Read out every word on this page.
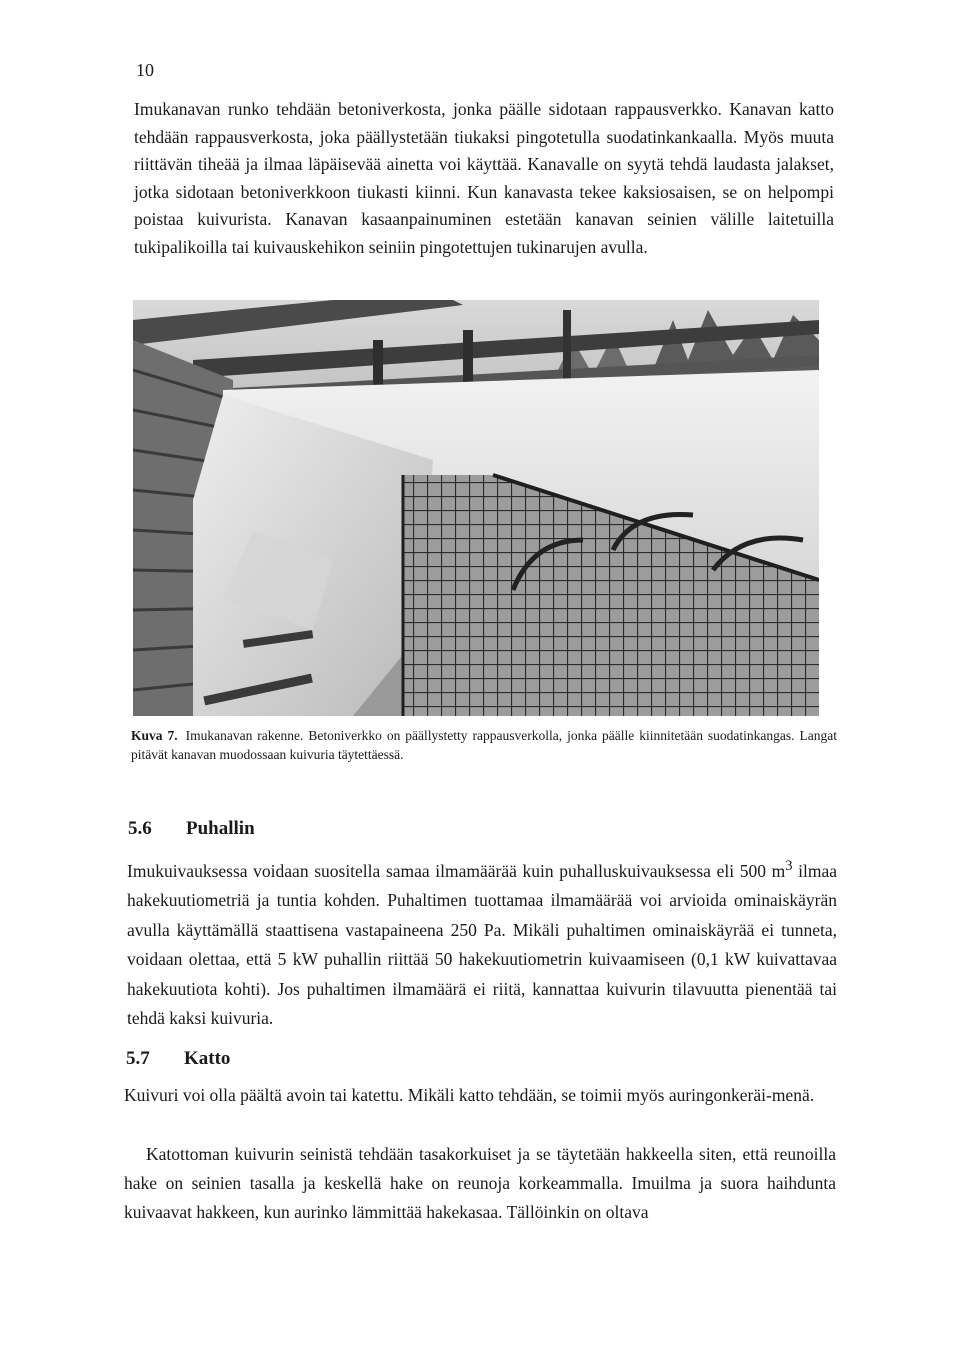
10

Imukanavan runko tehdään betoniverkosta, jonka päälle sidotaan rappausverkko. Kanavan katto tehdään rappausverkosta, joka päällystetään tiukaksi pingotetulla suodatinkankaalla. Myös muuta riittävän tiheää ja ilmaa läpäisevää ainetta voi käyttää. Kanavalle on syytä tehdä laudasta jalakset, jotka sidotaan betoniverkkoon tiukasti kiinni. Kun kanavasta tekee kaksiosaisen, se on helpompi poistaa kuivurista. Kanavan kasaanpainuminen estetään kanavan seinien välille laitetuilla tukipalikoilla tai kuivauskehikon seiniin pingotettujen tukinarujen avulla.

Kuva 7. Imukanavan rakenne. Betoniverkko on päällystetty rappausverkolla, jonka päälle kiinnitetään suodatinkangas. Langat pitävät kanavan muodossaan kuivuria täytettäessä.

5.6 Puhallin

Imukuivauksessa voidaan suositella samaa ilmamäärää kuin puhalluskuivauksessa eli 500 $m^3$ ilmaa hakekuutiometriä ja tuntia kohden. Puhaltimen tuottamaa ilmamäärää voi arvioida ominaiskäyrän avulla käyttämällä staattisena vastapaineena 250 Pa. Mikäli puhaltimen ominaiskäyrää ei tunneta, voidaan olettaa, että 5 kW puhallin riittää 50 hakekuutiometrin kuivaamiseen (0,1 kW kuivattavaa hakekuutiota kohti). Jos puhaltimen ilmamäärä ei riitä, kannattaa kuivurin tilavuutta pienentää tai tehdä kaksi kuivuria.

5.7 Katto

Kuivuri voi olla päältä avoin tai katettu. Mikäli katto tehdään, se toimii myös auringonkeräi-menä.

Katottoman kuivurin seinistä tehdään tasakorkuiset ja se täytetään hakkeella siten, että reunoilla hake on seinien tasalla ja keskellä hake on reunoja korkeammalla. Imuilma ja suora haihdunta kuivaavat hakkeen, kun aurinko lämmittää hakekasaa. Tällöinkin on oltava
